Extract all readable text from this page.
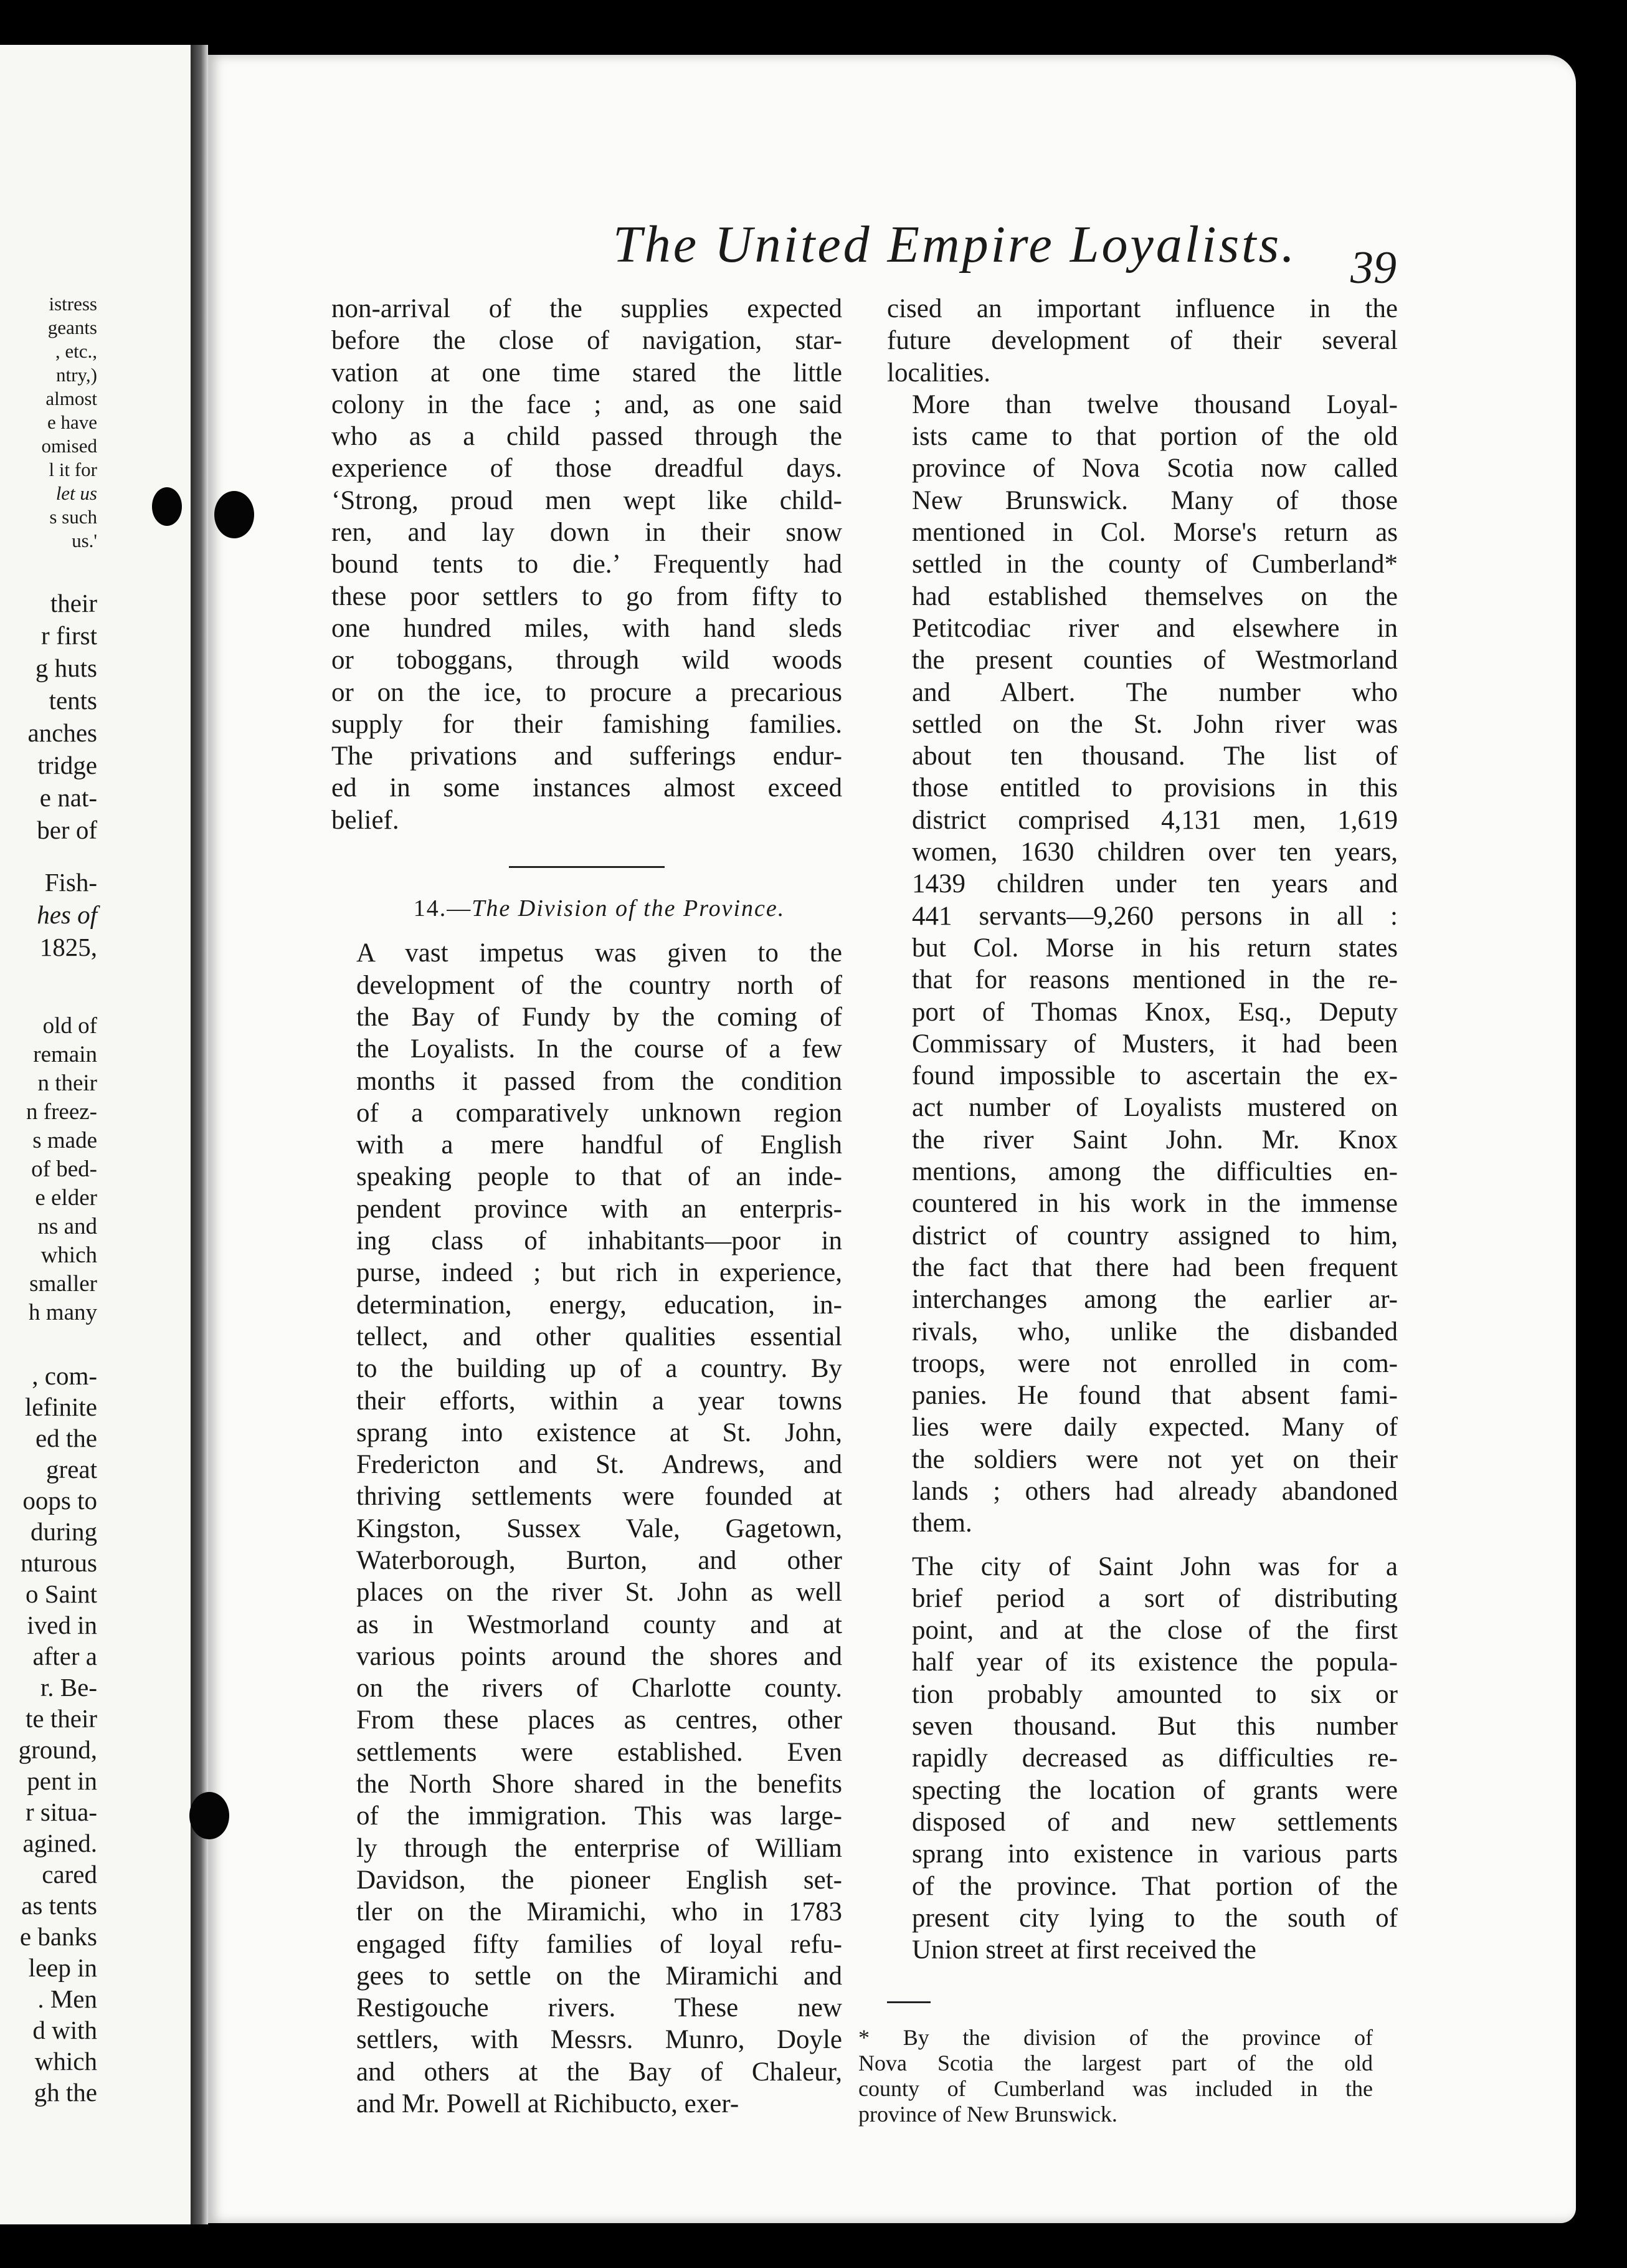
istress
geants
, etc.,
ntry,)
almost
e have
omised
l it for
let us
s such
us.'
their
r first
g huts
tents
anches
tridge
e nat-
ber of
Fish-
hes of
1825,
old of
remain
n their
n freez-
s made
of bed-
e elder
ns and
which
smaller
h many
, com-
lefinite
ed the
great
oops to
during
nturous
o Saint
ived in
after a
r. Be-
te their
ground,
pent in
r situa-
agined.
cared
as tents
e banks
leep in
. Men
d with
which
gh the
The United Empire Loyalists. 39

non-arrival of the supplies expected
before the close of navigation, star-
vation at one time stared the little
colony in the face ; and, as one said
who as a child passed through the
experience of those dreadful days.
‘Strong, proud men wept like child-
ren, and lay down in their snow
bound tents to die.’ Frequently had
these poor settlers to go from fifty to
one hundred miles, with hand sleds
or toboggans, through wild woods
or on the ice, to procure a precarious
supply for their famishing families.
The privations and sufferings endur-
ed in some instances almost exceed
belief.

14.—The Division of the Province.

A vast impetus was given to the
development of the country north of
the Bay of Fundy by the coming of
the Loyalists. In the course of a few
months it passed from the condition
of a comparatively unknown region
with a mere handful of English
speaking people to that of an inde-
pendent province with an enterpris-
ing class of inhabitants—poor in
purse, indeed ; but rich in experience,
determination, energy, education, in-
tellect, and other qualities essential
to the building up of a country. By
their efforts, within a year towns
sprang into existence at St. John,
Fredericton and St. Andrews, and
thriving settlements were founded at
Kingston, Sussex Vale, Gagetown,
Waterborough, Burton, and other
places on the river St. John as well
as in Westmorland county and at
various points around the shores and
on the rivers of Charlotte county.
From these places as centres, other
settlements were established. Even
the North Shore shared in the benefits
of the immigration. This was large-
ly through the enterprise of William
Davidson, the pioneer English set-
tler on the Miramichi, who in 1783
engaged fifty families of loyal refu-
gees to settle on the Miramichi and
Restigouche rivers. These new
settlers, with Messrs. Munro, Doyle
and others at the Bay of Chaleur,
and Mr. Powell at Richibucto, exer-

cised an important influence in the
future development of their several
localities.

More than twelve thousand Loyal-
ists came to that portion of the old
province of Nova Scotia now called
New Brunswick. Many of those
mentioned in Col. Morse's return as
settled in the county of Cumberland*
had established themselves on the
Petitcodiac river and elsewhere in
the present counties of Westmorland
and Albert. The number who
settled on the St. John river was
about ten thousand. The list of
those entitled to provisions in this
district comprised 4,131 men, 1,619
women, 1630 children over ten years,
1439 children under ten years and
441 servants—9,260 persons in all :
but Col. Morse in his return states
that for reasons mentioned in the re-
port of Thomas Knox, Esq., Deputy
Commissary of Musters, it had been
found impossible to ascertain the ex-
act number of Loyalists mustered on
the river Saint John. Mr. Knox
mentions, among the difficulties en-
countered in his work in the immense
district of country assigned to him,
the fact that there had been frequent
interchanges among the earlier ar-
rivals, who, unlike the disbanded
troops, were not enrolled in com-
panies. He found that absent fami-
lies were daily expected. Many of
the soldiers were not yet on their
lands ; others had already abandoned
them.

The city of Saint John was for a
brief period a sort of distributing
point, and at the close of the first
half year of its existence the popula-
tion probably amounted to six or
seven thousand. But this number
rapidly decreased as difficulties re-
specting the location of grants were
disposed of and new settlements
sprang into existence in various parts
of the province. That portion of the
present city lying to the south of
Union street at first received the

* By the division of the province of
Nova Scotia the largest part of the old
county of Cumberland was included in the
province of New Brunswick.
